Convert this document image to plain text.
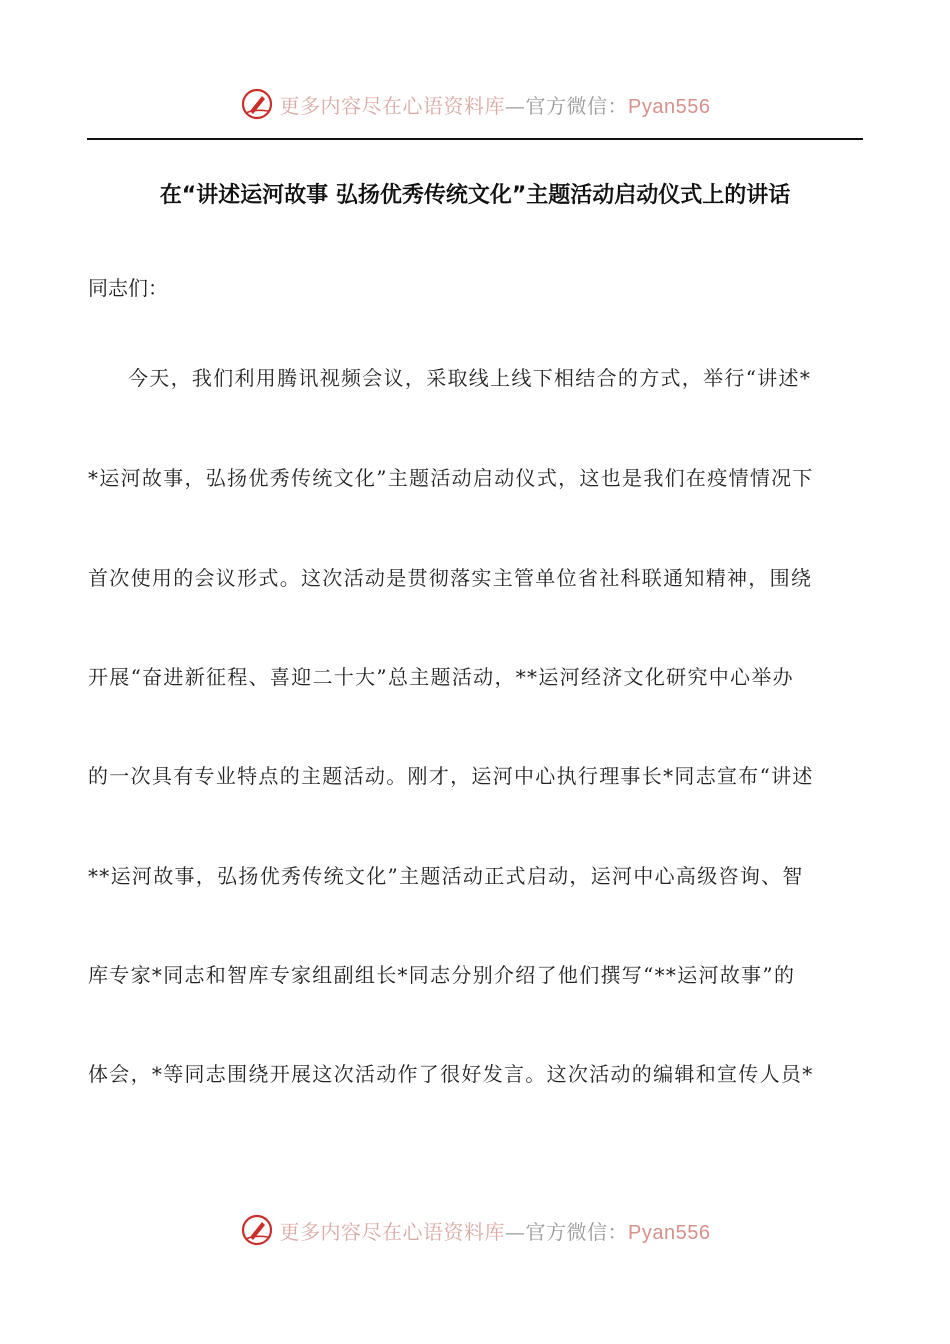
更多内容尽在心语资料库—官方微信：Pyan556
在“讲述运河故事 弘扬优秀传统文化”主题活动启动仪式上的讲话
同志们：
今天，我们利用腾讯视频会议，采取线上线下相结合的方式，举行“讲述*
*运河故事，弘扬优秀传统文化”主题活动启动仪式，这也是我们在疫情情况下
首次使用的会议形式。这次活动是贯彻落实主管单位省社科联通知精神，围绕
开展“奋进新征程、喜迎二十大”总主题活动，**运河经济文化研究中心举办
的一次具有专业特点的主题活动。刚才，运河中心执行理事长*同志宣布“讲述
**运河故事，弘扬优秀传统文化”主题活动正式启动，运河中心高级咨询、智
库专家*同志和智库专家组副组长*同志分别介绍了他们撰写“**运河故事”的
体会，*等同志围绕开展这次活动作了很好发言。这次活动的编辑和宣传人员*
更多内容尽在心语资料库—官方微信：Pyan556
